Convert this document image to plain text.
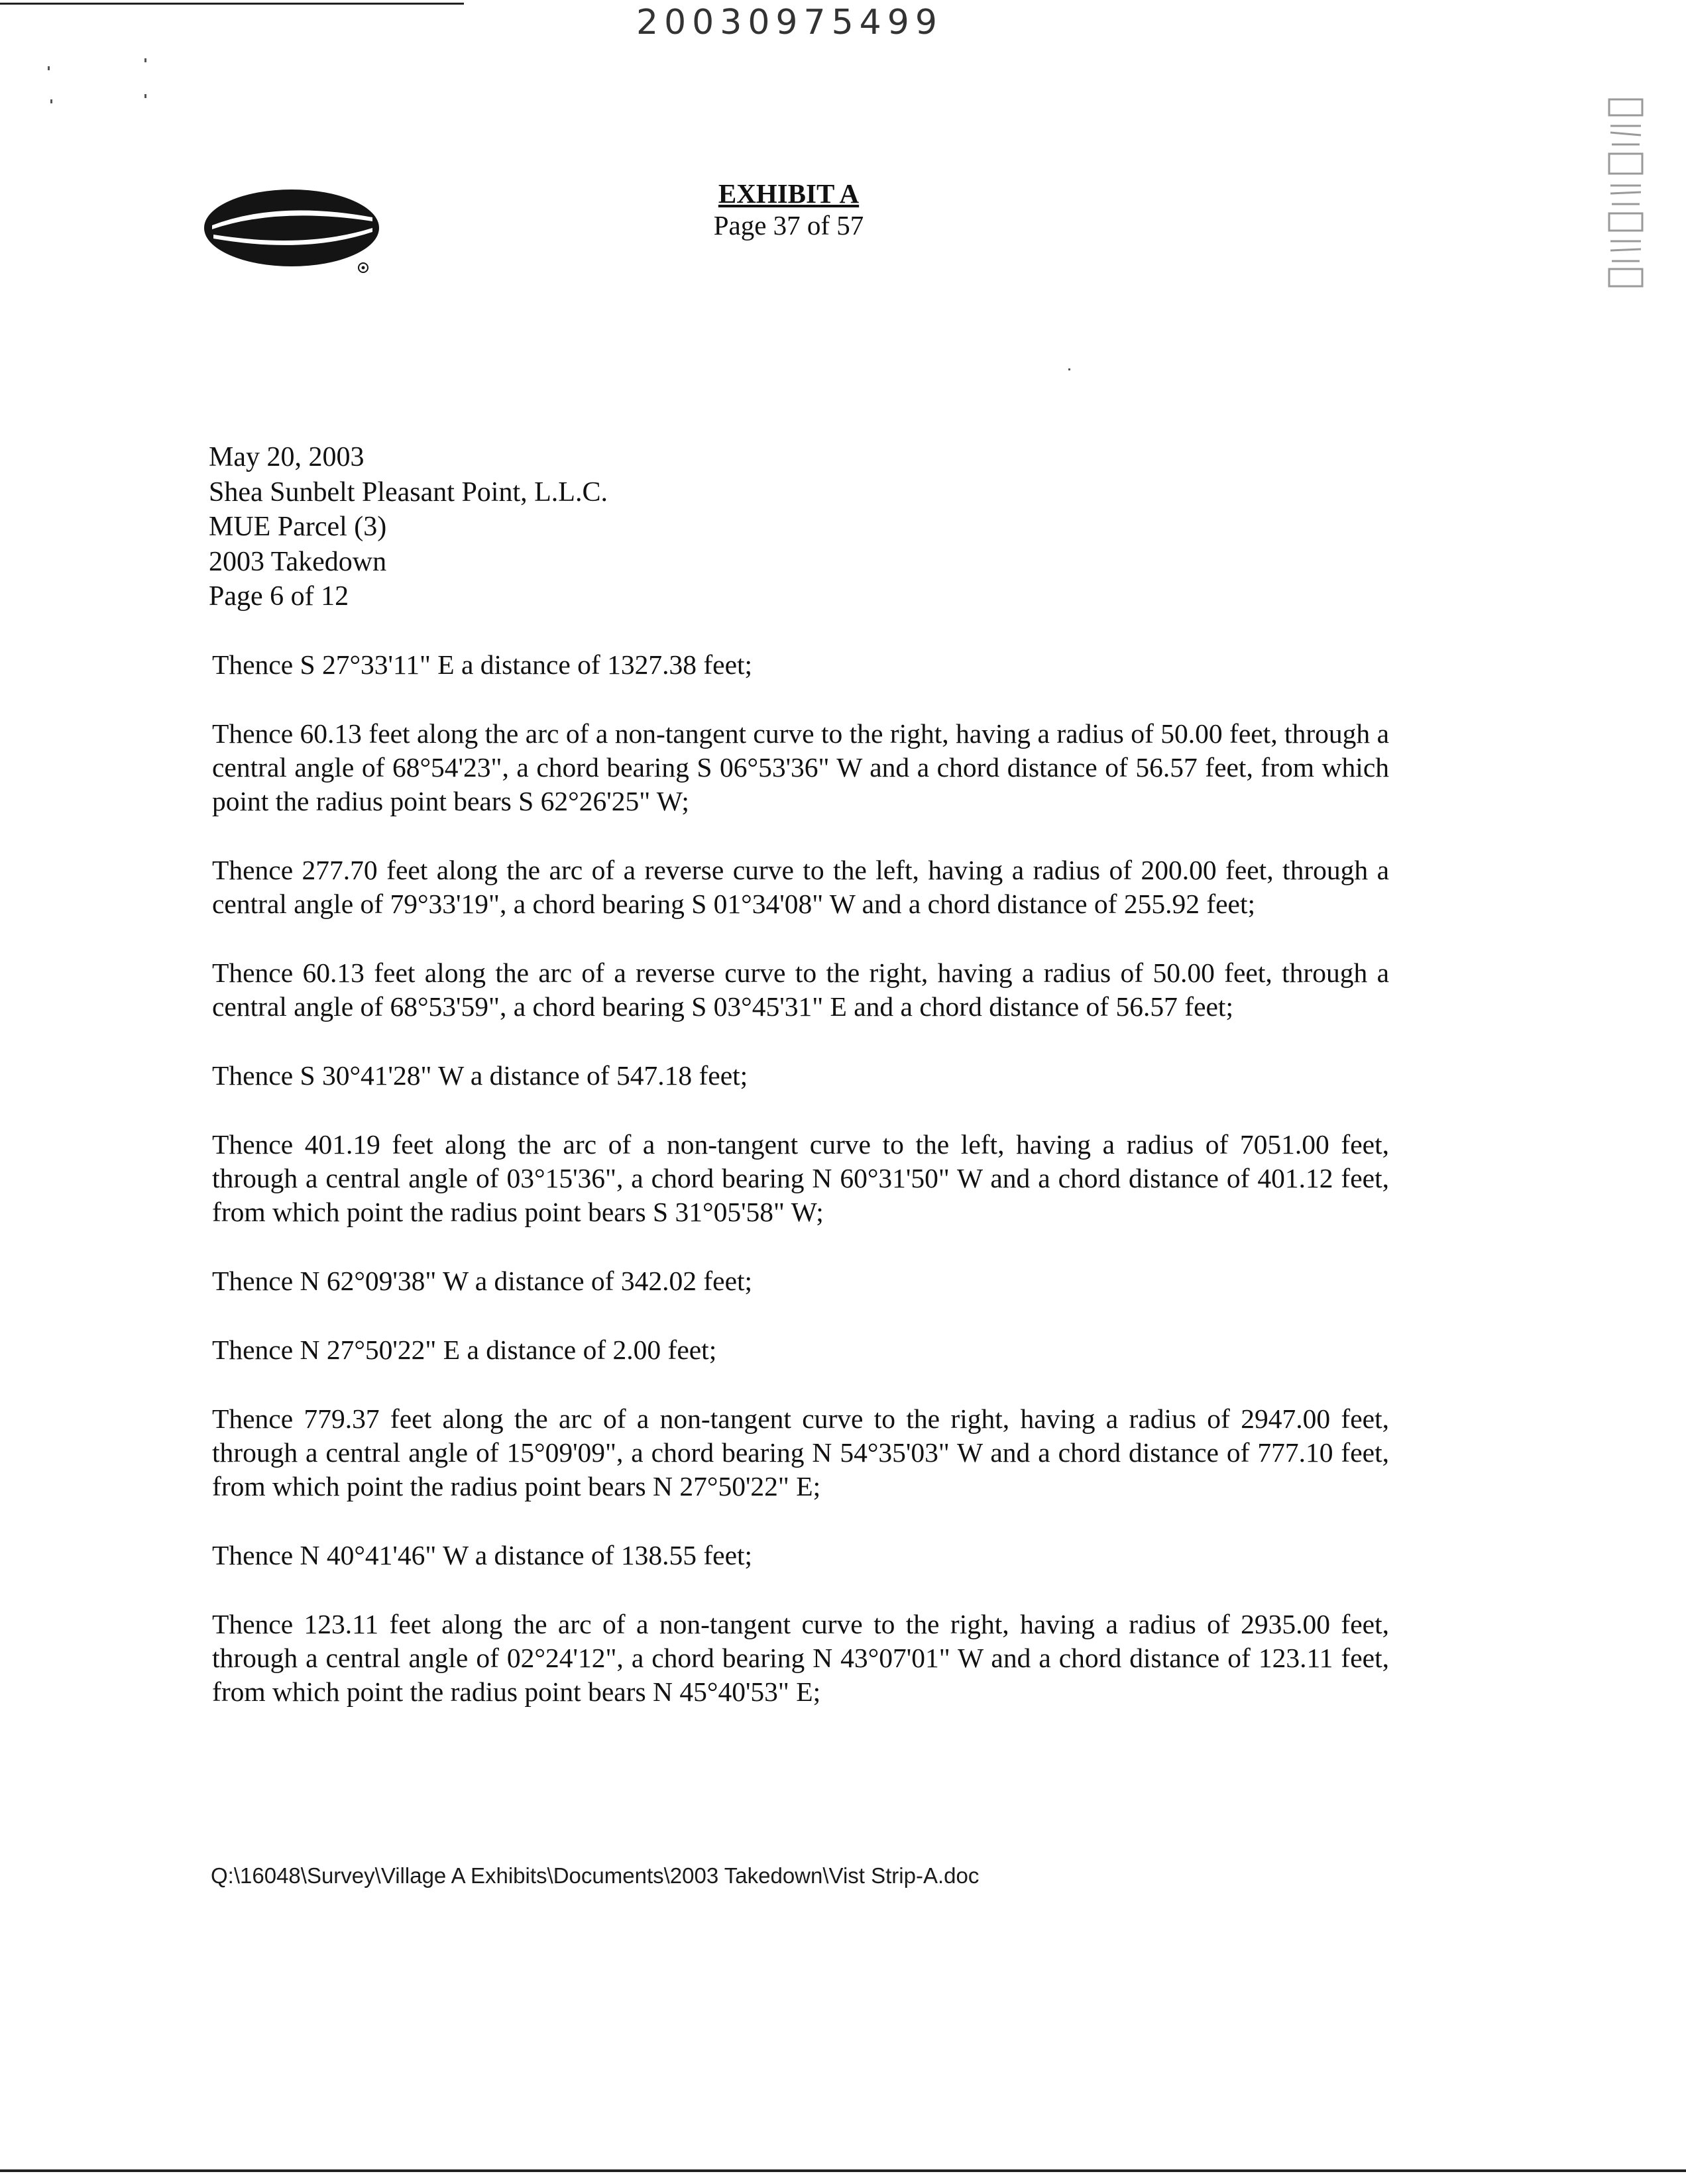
20030975499
EXHIBIT A
Page 37 of 57
May 20, 2003
Shea Sunbelt Pleasant Point, L.L.C.
MUE Parcel (3)
2003 Takedown
Page 6 of 12

Thence S 27°33'11" E a distance of 1327.38 feet;

Thence 60.13 feet along the arc of a non-tangent curve to the right, having a radius of 50.00 feet, through a central angle of 68°54'23", a chord bearing S 06°53'36" W and a chord distance of 56.57 feet, from which point the radius point bears S 62°26'25" W;

Thence 277.70 feet along the arc of a reverse curve to the left, having a radius of 200.00 feet, through a central angle of 79°33'19", a chord bearing S 01°34'08" W and a chord distance of 255.92 feet;

Thence 60.13 feet along the arc of a reverse curve to the right, having a radius of 50.00 feet, through a central angle of 68°53'59", a chord bearing S 03°45'31" E and a chord distance of 56.57 feet;

Thence S 30°41'28" W a distance of 547.18 feet;

Thence 401.19 feet along the arc of a non-tangent curve to the left, having a radius of 7051.00 feet, through a central angle of 03°15'36", a chord bearing N 60°31'50" W and a chord distance of 401.12 feet, from which point the radius point bears S 31°05'58" W;

Thence N 62°09'38" W a distance of 342.02 feet;

Thence N 27°50'22" E a distance of 2.00 feet;

Thence 779.37 feet along the arc of a non-tangent curve to the right, having a radius of 2947.00 feet, through a central angle of 15°09'09", a chord bearing N 54°35'03" W and a chord distance of 777.10 feet, from which point the radius point bears N 27°50'22" E;

Thence N 40°41'46" W a distance of 138.55 feet;

Thence 123.11 feet along the arc of a non-tangent curve to the right, having a radius of 2935.00 feet, through a central angle of 02°24'12", a chord bearing N 43°07'01" W and a chord distance of 123.11 feet, from which point the radius point bears N 45°40'53" E;

Q:\16048\Survey\Village A Exhibits\Documents\2003 Takedown\Vist Strip-A.doc
